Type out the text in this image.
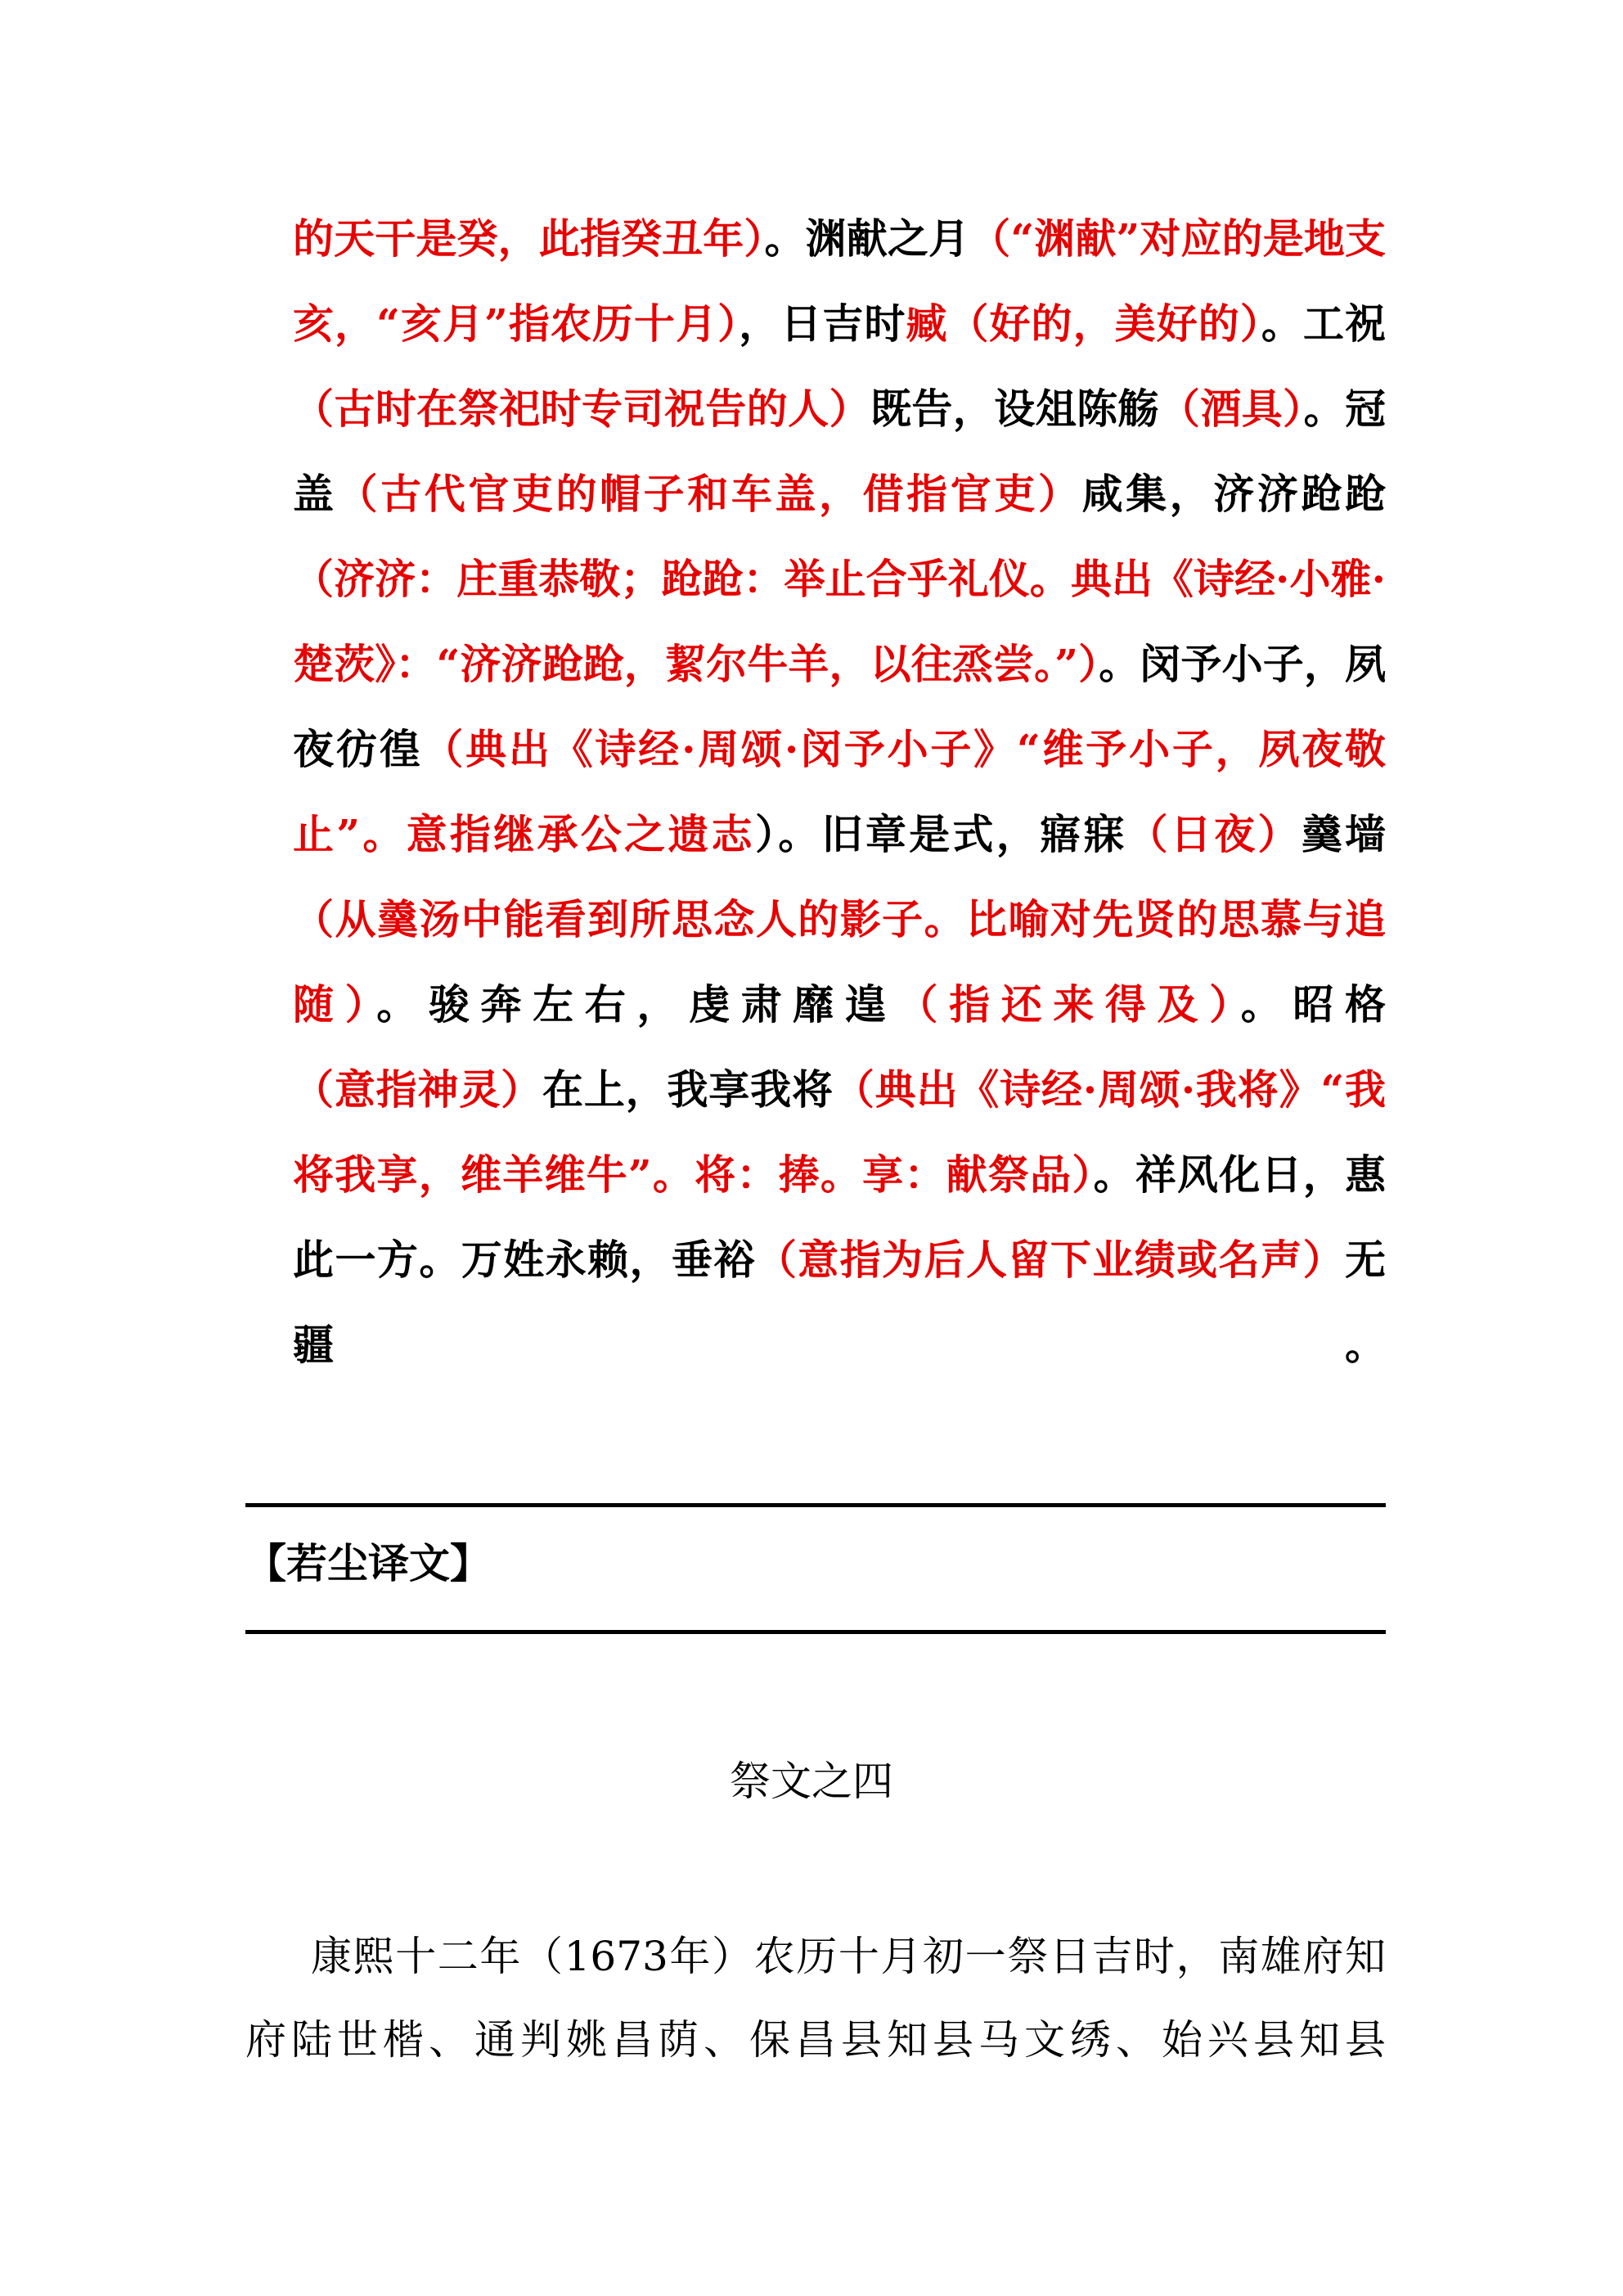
的天干是癸，此指癸丑年）。渊献之月（“渊献”对应的是地支亥，“亥月”指农历十月），日吉时臧（好的，美好的）。工祝（古时在祭祀时专司祝告的人）既告，设俎陈觞（酒具）。冠盖（古代官吏的帽子和车盖，借指官吏）咸集，济济跄跄（济济：庄重恭敬；跄跄：举止合乎礼仪。典出《诗经·小雅·楚茨》：“济济跄跄，絜尔牛羊，以往烝尝。”）。闵予小子，夙夜彷徨（典出《诗经·周颂·闵予小子》“维予小子，夙夜敬止”。意指继承公之遗志）。旧章是式，寤寐（日夜）羹墙（从羹汤中能看到所思念人的影子。比喻对先贤的思慕与追随）。骏奔左右，虔肃靡遑（指还来得及）。昭格（意指神灵）在上，我享我将（典出《诗经·周颂·我将》“我将我享，维羊维牛”。将：捧。享：献祭品）。祥风化日，惠此一方。万姓永赖，垂裕（意指为后人留下业绩或名声）无疆。
【若尘译文】
祭文之四
康熙十二年（1673年）农历十月初一祭日吉时，南雄府知府陆世楷、通判姚昌荫、保昌县知县马文绣、始兴县知县
